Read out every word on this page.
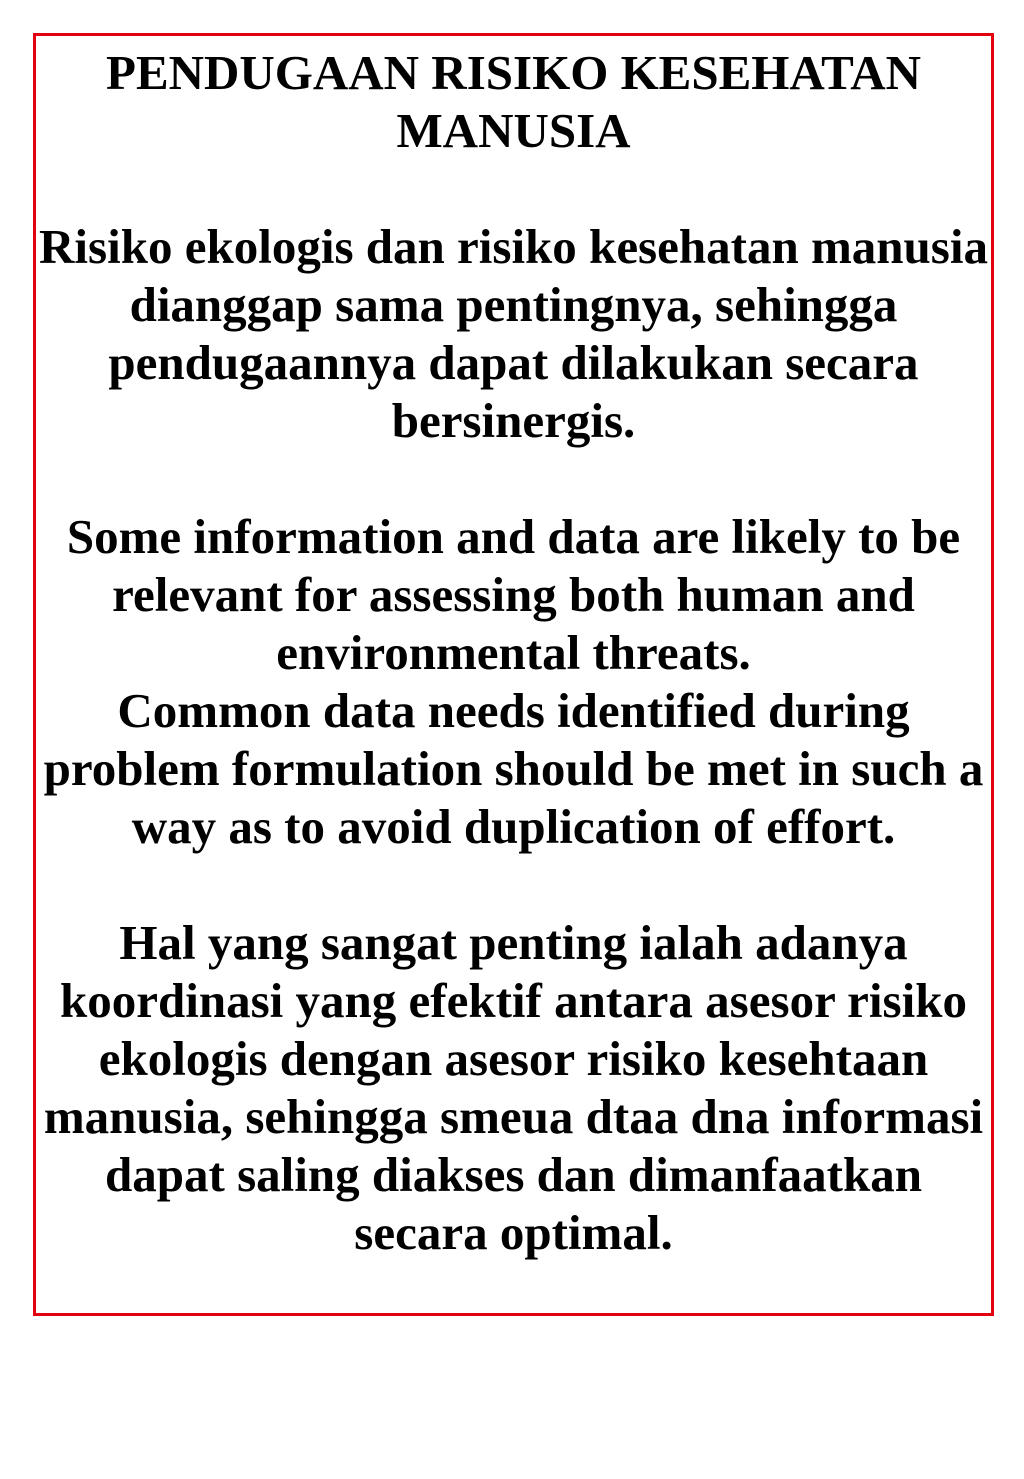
PENDUGAAN RISIKO KESEHATAN MANUSIA

Risiko ekologis dan risiko kesehatan manusia dianggap sama pentingnya, sehingga pendugaannya dapat dilakukan secara bersinergis.

Some information and data are likely to be relevant for assessing both human and environmental threats.

Common data needs identified during problem formulation should be met in such a way as to avoid duplication of effort.

Hal yang sangat penting ialah adanya koordinasi yang efektif antara asesor risiko ekologis dengan asesor risiko kesehtaan manusia, sehingga smeua dtaa dna informasi dapat saling diakses dan dimanfaatkan secara optimal.
